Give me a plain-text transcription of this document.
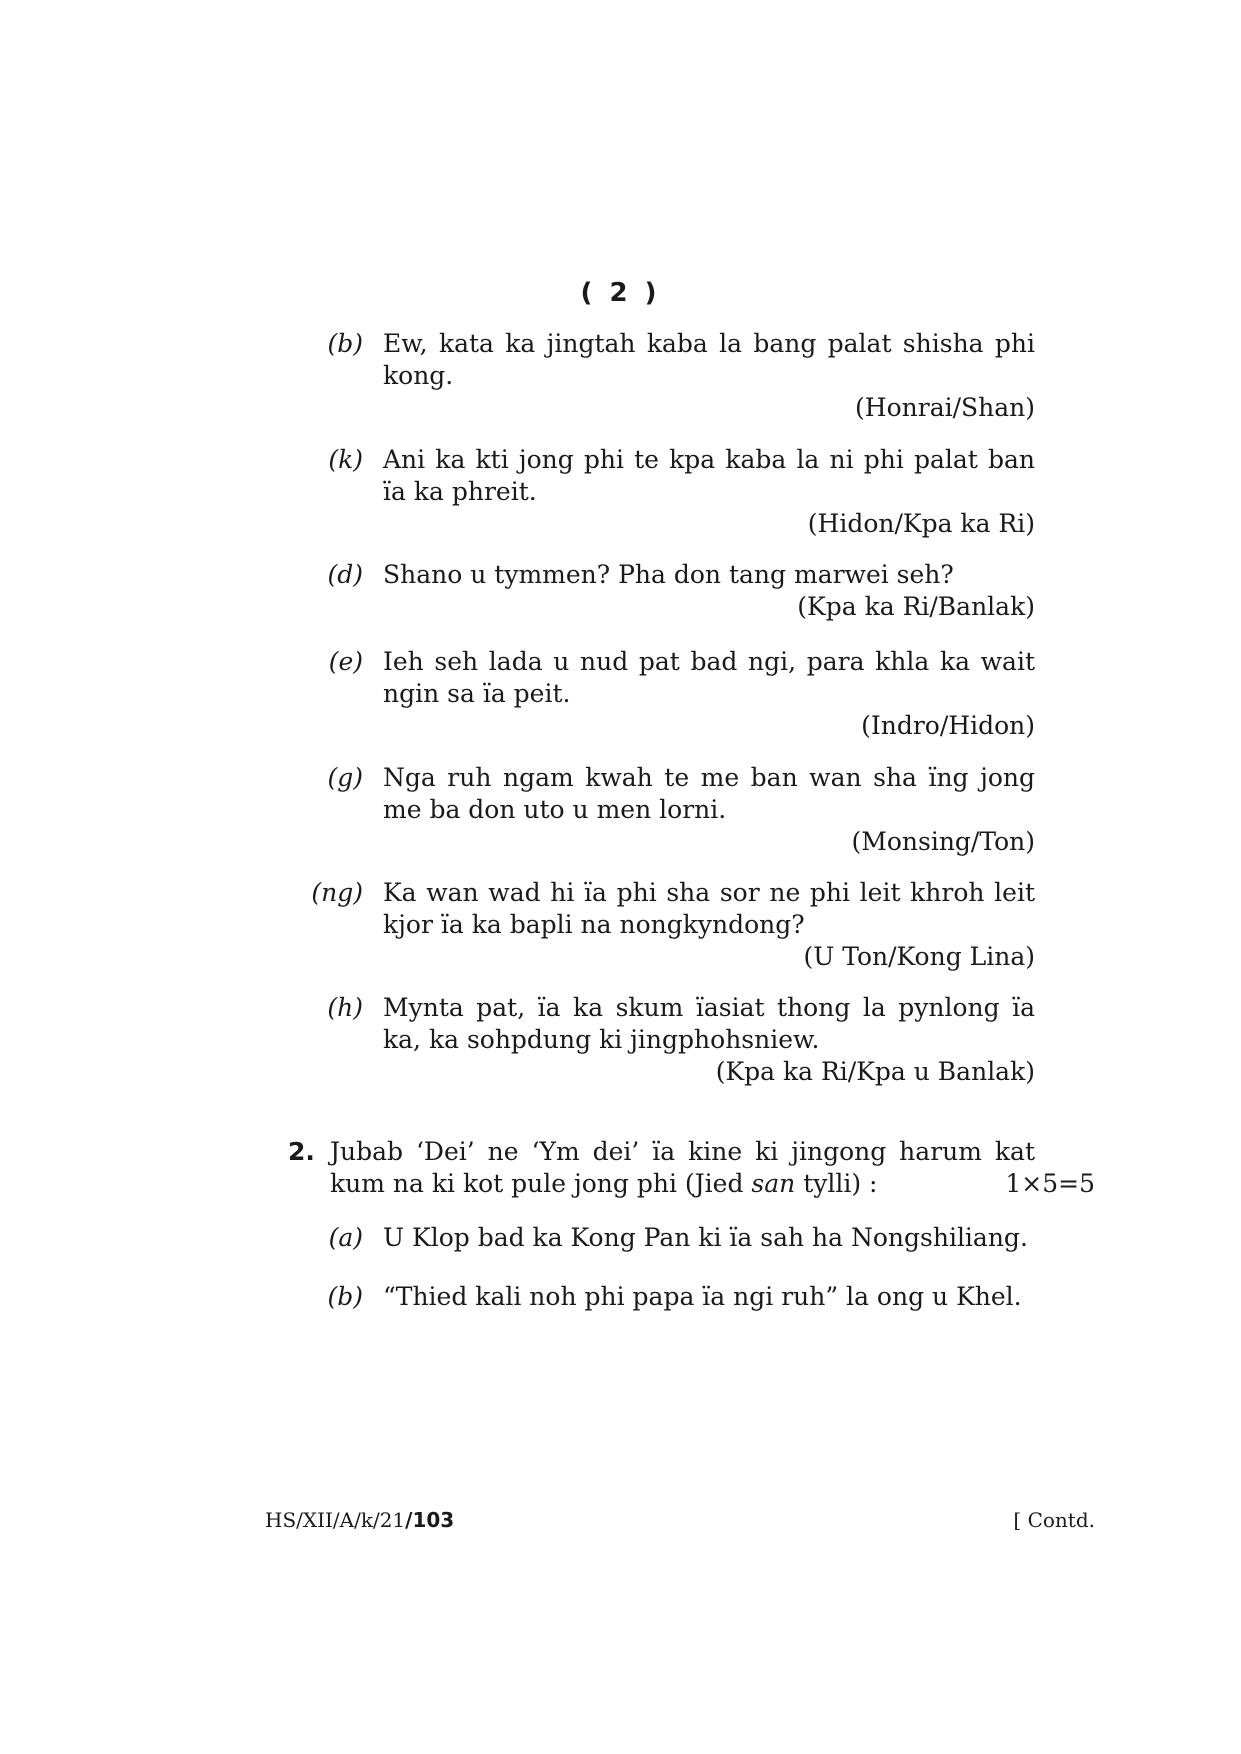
( 2 )
(b) Ew, kata ka jingtah kaba la bang palat shisha phi kong.
(Honrai/Shan)
(k) Ani ka kti jong phi te kpa kaba la ni phi palat ban ïa ka phreit.
(Hidon/Kpa ka Ri)
(d) Shano u tymmen? Pha don tang marwei seh?
(Kpa ka Ri/Banlak)
(e) Ieh seh lada u nud pat bad ngi, para khla ka wait ngin sa ïa peit.
(Indro/Hidon)
(g) Nga ruh ngam kwah te me ban wan sha ïng jong me ba don uto u men lorni.
(Monsing/Ton)
(ng) Ka wan wad hi ïa phi sha sor ne phi leit khroh leit kjor ïa ka bapli na nongkyndong?
(U Ton/Kong Lina)
(h) Mynta pat, ïa ka skum ïasiat thong la pynlong ïa ka, ka sohpdung ki jingphohsniew.
(Kpa ka Ri/Kpa u Banlak)
2. Jubab ‘Dei’ ne ‘Ym dei’ ïa kine ki jingong harum kat kum na ki kot pule jong phi (Jied san tylli) :	1×5=5
(a) U Klop bad ka Kong Pan ki ïa sah ha Nongshiliang.
(b) “Thied kali noh phi papa ïa ngi ruh” la ong u Khel.
HS/XII/A/k/21/103	[ Contd.
